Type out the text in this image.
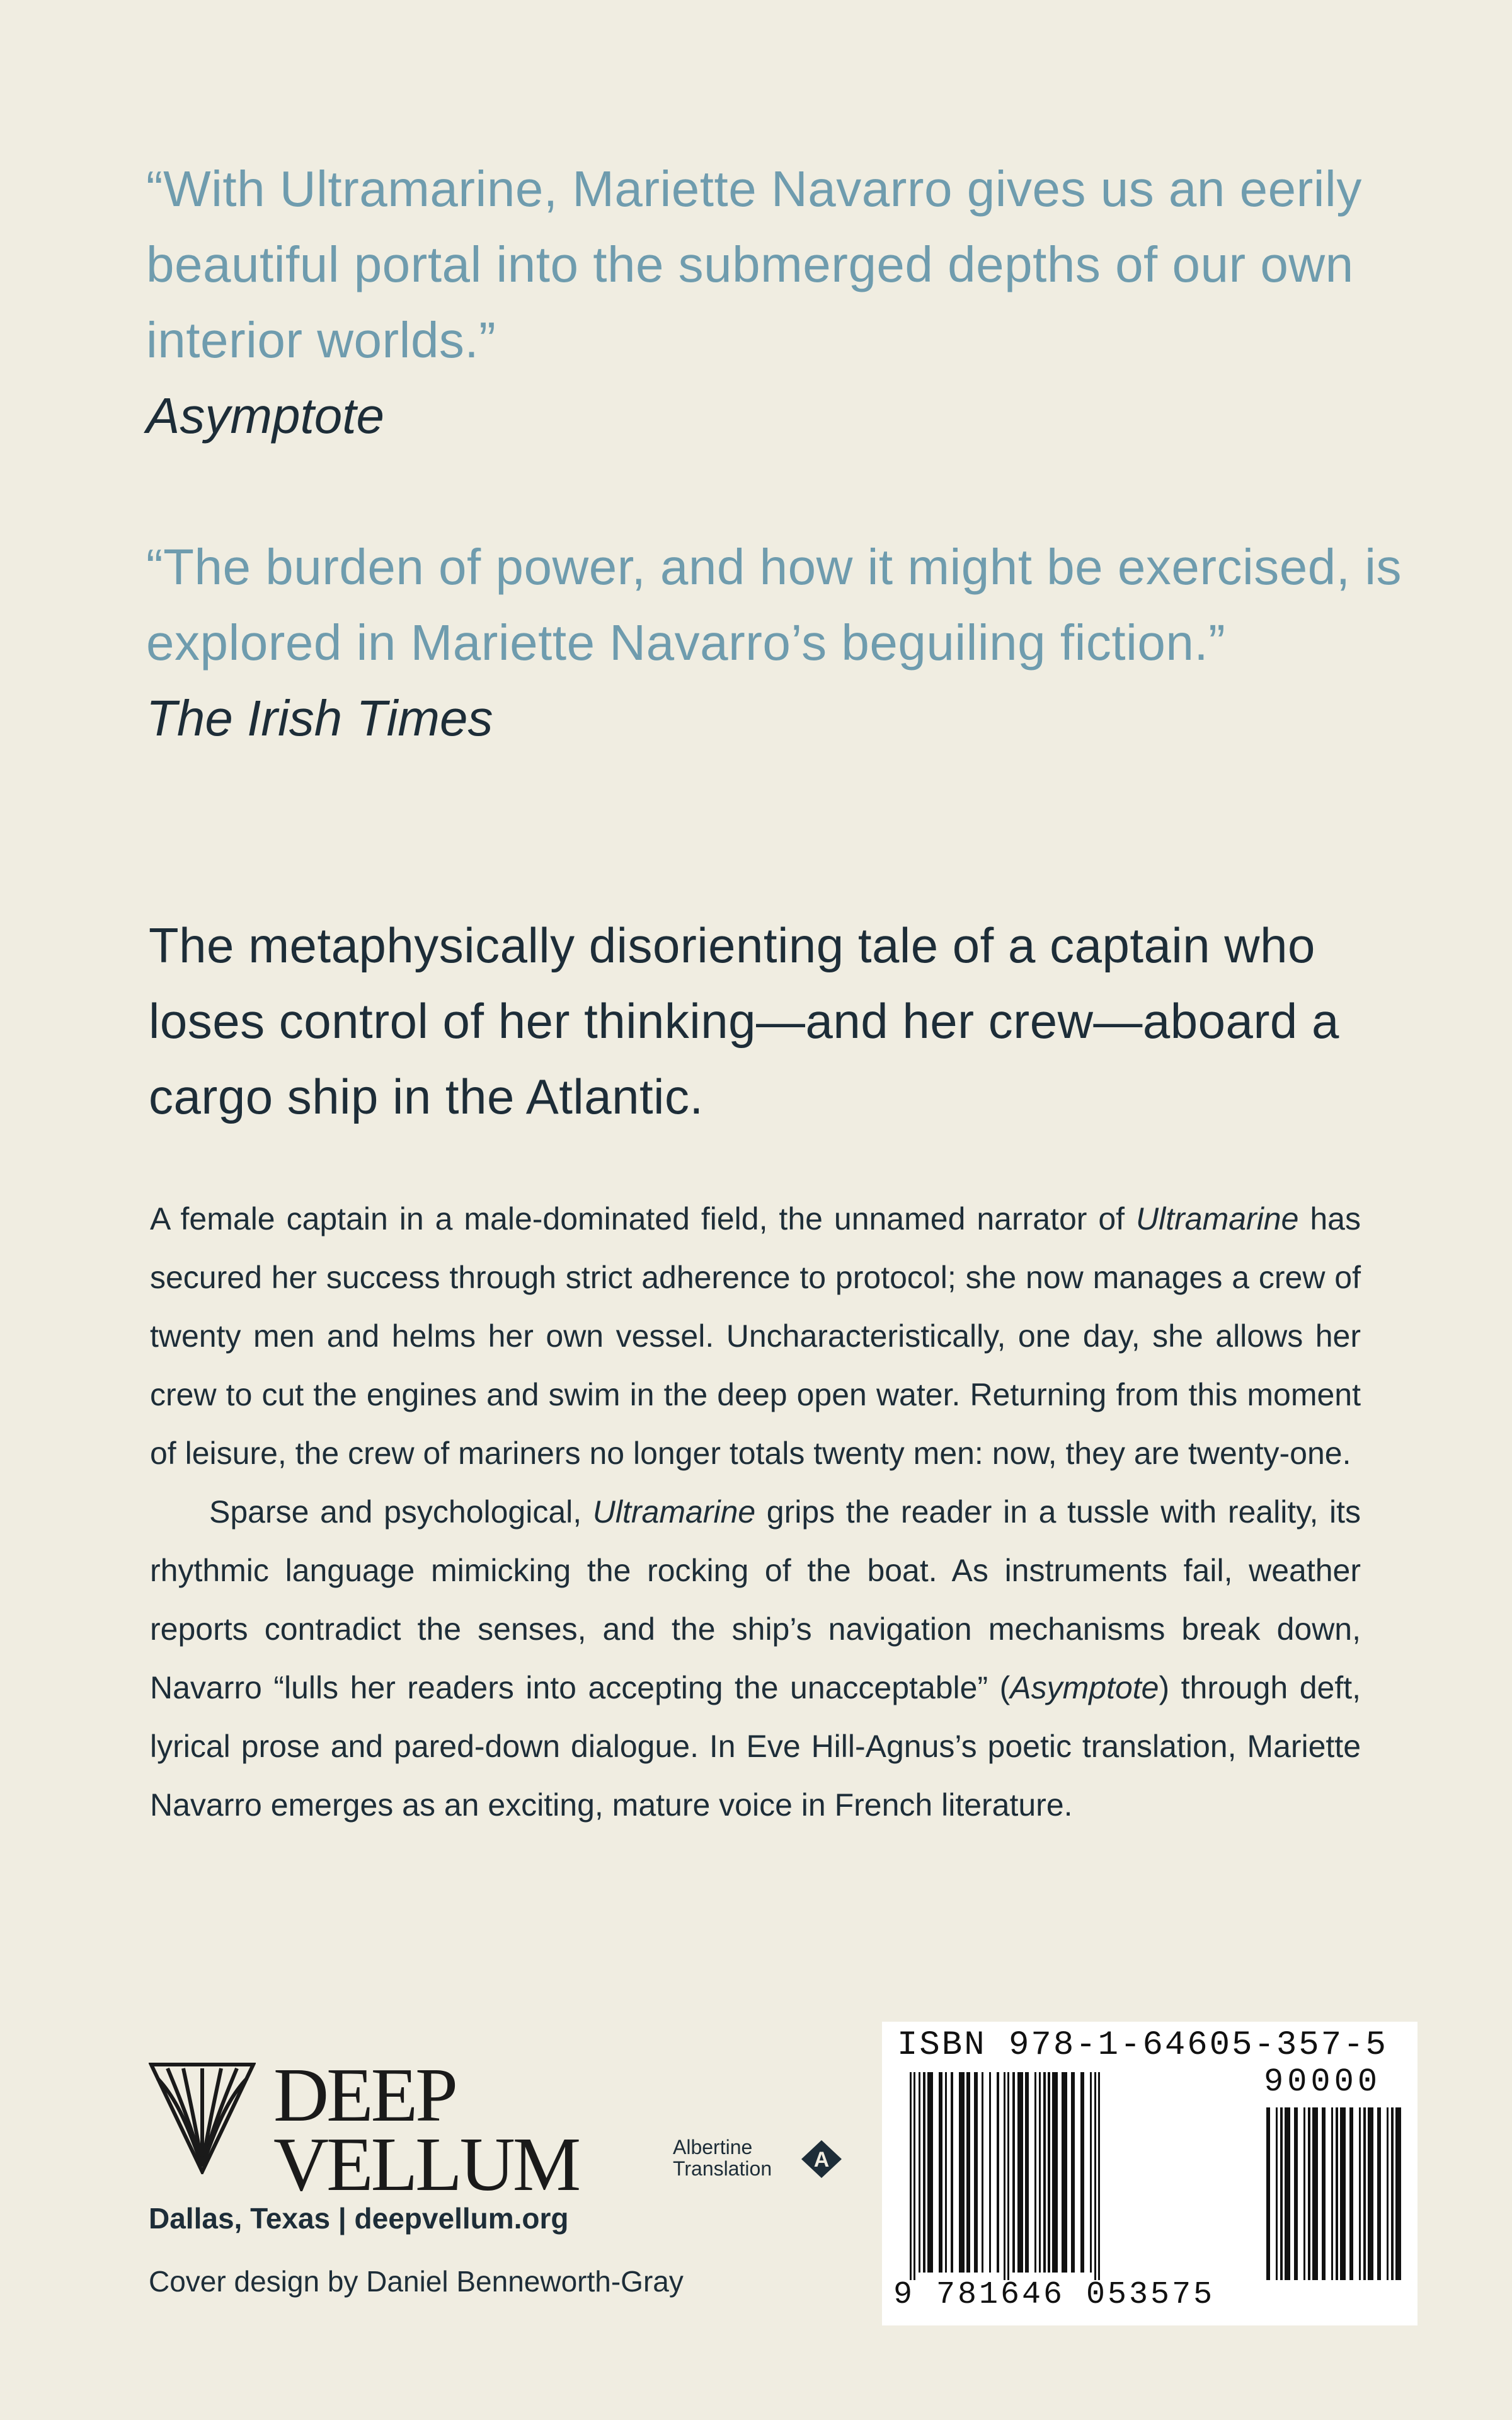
“With Ultramarine, Mariette Navarro gives us an eerily
beautiful portal into the submerged depths of our own
interior worlds.”
Asymptote
“The burden of power, and how it might be exercised, is
explored in Mariette Navarro’s beguiling fiction.”
The Irish Times
The metaphysically disorienting tale of a captain who
loses control of her thinking—and her crew—aboard a
cargo ship in the Atlantic.

A female captain in a male-dominated field, the unnamed narrator of Ultramarine has secured her success through strict adherence to protocol; she now manages a crew of twenty men and helms her own vessel. Uncharacteristically, one day, she allows her crew to cut the engines and swim in the deep open water. Returning from this moment of leisure, the crew of mariners no longer totals twenty men: now, they are twenty-one.

Sparse and psychological, Ultramarine grips the reader in a tussle with reality, its rhythmic language mimicking the rocking of the boat. As instruments fail, weather reports contradict the senses, and the ship’s navigation mechanisms break down, Navarro “lulls her readers into accepting the unacceptable” (Asymptote) through deft, lyrical prose and pared-down dialogue. In Eve Hill-Agnus’s poetic translation, Mariette Navarro emerges as an exciting, mature voice in French literature.

DEEP
VELLUM
Dallas, Texas | deepvellum.org
Cover design by Daniel Benneworth-Gray
Albertine
Translation A
ISBN 978-1-64605-357-5
90000
9 781646 053575
